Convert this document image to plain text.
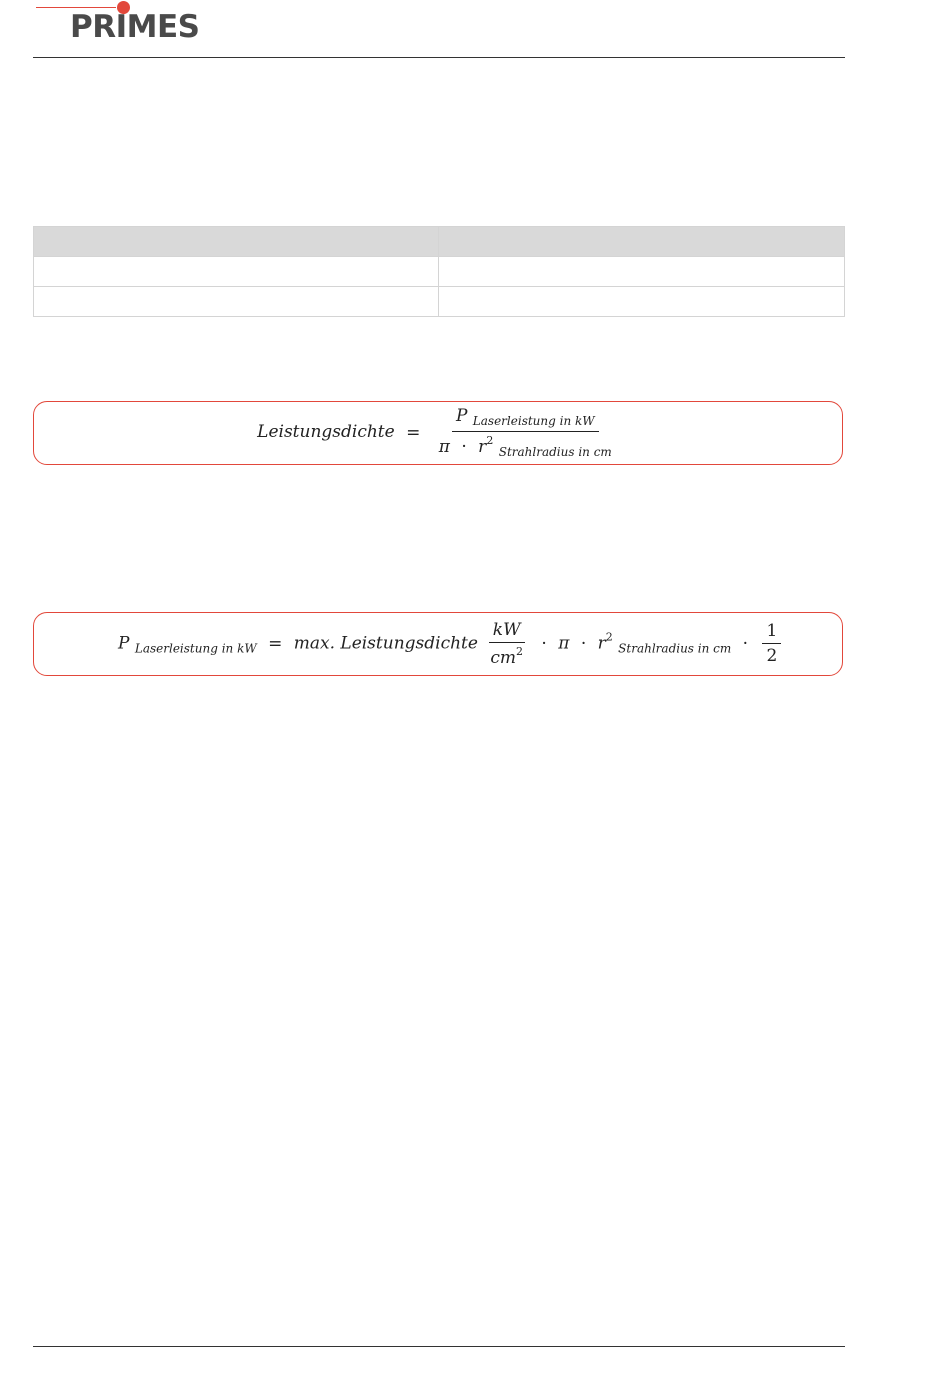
PRIMES

Leistungsdichte = $\frac{P _{Laserleistung in kW}}{\pi \cdot r^2 _{Strahlradius in cm}}$
P $_{Laserleistung in kW}$ = max. Leistungsdichte $\frac{kW}{cm^2} \cdot \pi \cdot r^2$ $_{Strahlradius in cm} \cdot \frac{1}{2}$
